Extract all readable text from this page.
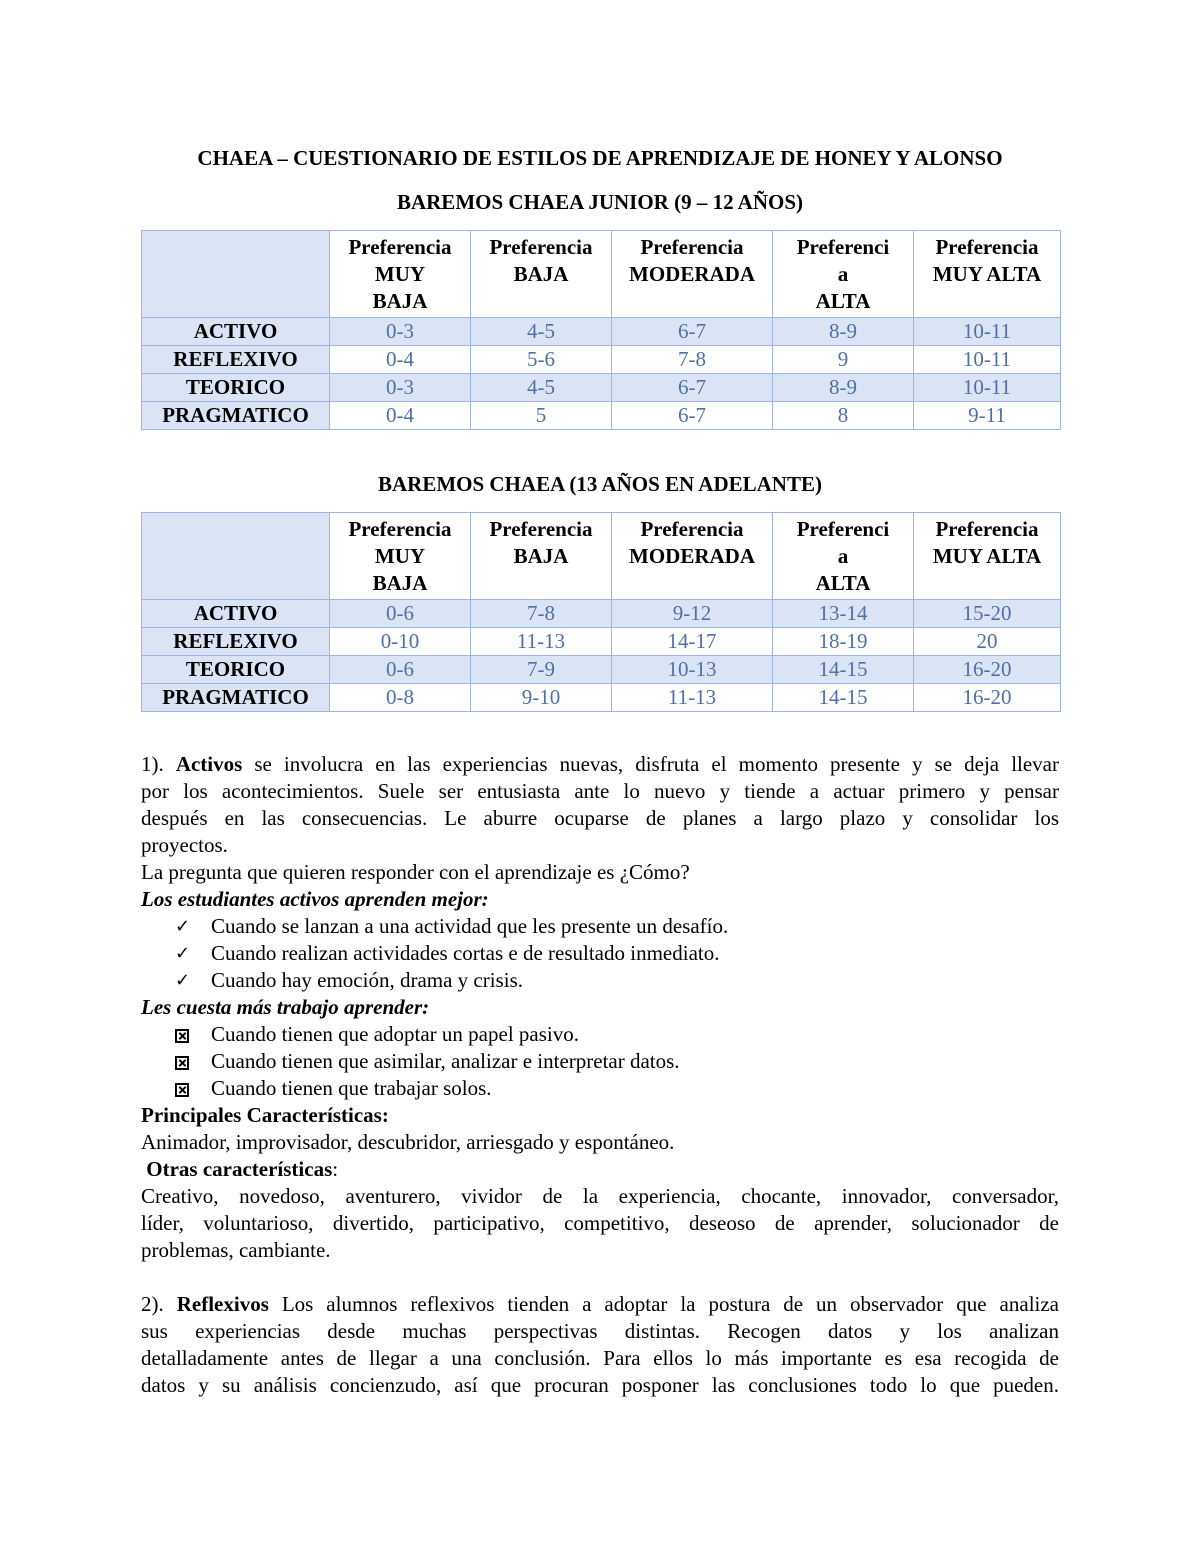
CHAEA – CUESTIONARIO DE ESTILOS DE APRENDIZAJE DE HONEY Y ALONSO
BAREMOS CHAEA JUNIOR (9 – 12 AÑOS)
	Preferencia
MUY
BAJA	Preferencia
BAJA	Preferencia
MODERADA	Preferenci
a
ALTA	Preferencia
MUY ALTA
ACTIVO	0-3	4-5	6-7	8-9	10-11
REFLEXIVO	0-4	5-6	7-8	9	10-11
TEORICO	0-3	4-5	6-7	8-9	10-11
PRAGMATICO	0-4	5	6-7	8	9-11
BAREMOS CHAEA (13 AÑOS EN ADELANTE)
	Preferencia
MUY
BAJA	Preferencia
BAJA	Preferencia
MODERADA	Preferenci
a
ALTA	Preferencia
MUY ALTA
ACTIVO	0-6	7-8	9-12	13-14	15-20
REFLEXIVO	0-10	11-13	14-17	18-19	20
TEORICO	0-6	7-9	10-13	14-15	16-20
PRAGMATICO	0-8	9-10	11-13	14-15	16-20

1). Activos se involucra en las experiencias nuevas, disfruta el momento presente y se deja llevar

por los acontecimientos. Suele ser entusiasta ante lo nuevo y tiende a actuar primero y pensar

después en las consecuencias. Le aburre ocuparse de planes a largo plazo y consolidar los

proyectos.

La pregunta que quieren responder con el aprendizaje es ¿Cómo?

Los estudiantes activos aprenden mejor:

✓ Cuando se lanzan a una actividad que les presente un desafío.
✓ Cuando realizan actividades cortas e de resultado inmediato.
✓ Cuando hay emoción, drama y crisis.

Les cuesta más trabajo aprender:

Cuando tienen que adoptar un papel pasivo.
Cuando tienen que asimilar, analizar e interpretar datos.
Cuando tienen que trabajar solos.

Principales Características:

Animador, improvisador, descubridor, arriesgado y espontáneo.

Otras características:

Creativo, novedoso, aventurero, vividor de la experiencia, chocante, innovador, conversador,

líder, voluntarioso, divertido, participativo, competitivo, deseoso de aprender, solucionador de

problemas, cambiante.

2). Reflexivos Los alumnos reflexivos tienden a adoptar la postura de un observador que analiza

sus experiencias desde muchas perspectivas distintas. Recogen datos y los analizan

detalladamente antes de llegar a una conclusión. Para ellos lo más importante es esa recogida de

datos y su análisis concienzudo, así que procuran posponer las conclusiones todo lo que pueden.
